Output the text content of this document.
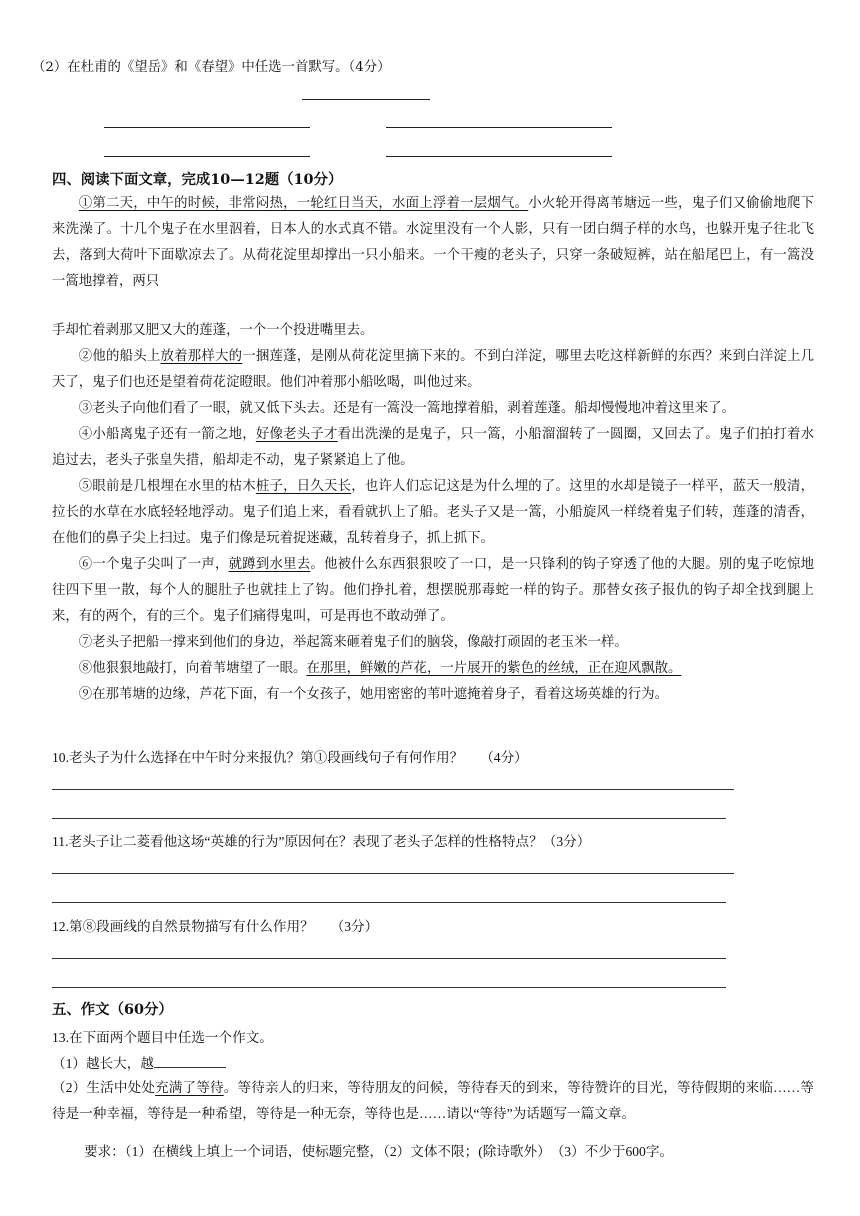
（2）在杜甫的《望岳》和《春望》中任选一首默写。（4分）
四、阅读下面文章，完成10—12题（10分）

①第二天，中午的时候，非常闷热，一轮红日当天，水面上浮着一层烟气。小火轮开得离苇塘远一些，鬼子们又偷偷地爬下来洗澡了。十几个鬼子在水里泅着，日本人的水式真不错。水淀里没有一个人影，只有一团白绸子样的水鸟，也躲开鬼子往北飞去，落到大荷叶下面歇凉去了。从荷花淀里却撑出一只小船来。一个干瘦的老头子，只穿一条破短裤，站在船尾巴上，有一篙没一篙地撑着，两只

手却忙着剥那又肥又大的莲蓬，一个一个投进嘴里去。

②他的船头上放着那样大的一捆莲蓬，是刚从荷花淀里摘下来的。不到白洋淀，哪里去吃这样新鲜的东西？来到白洋淀上几天了，鬼子们也还是望着荷花淀瞪眼。他们冲着那小船吆喝，叫他过来。

③老头子向他们看了一眼，就又低下头去。还是有一篙没一篙地撑着船，剥着莲蓬。船却慢慢地冲着这里来了。

④小船离鬼子还有一箭之地，好像老头子才看出洗澡的是鬼子，只一篙，小船溜溜转了一圆圈，又回去了。鬼子们拍打着水追过去，老头子张皇失措，船却走不动，鬼子紧紧追上了他。

⑤眼前是几根埋在水里的枯木桩子，日久天长，也许人们忘记这是为什么埋的了。这里的水却是镜子一样平，蓝天一般清，拉长的水草在水底轻轻地浮动。鬼子们追上来，看看就扒上了船。老头子又是一篙，小船旋风一样绕着鬼子们转，莲蓬的清香，在他们的鼻子尖上扫过。鬼子们像是玩着捉迷藏，乱转着身子，抓上抓下。

⑥一个鬼子尖叫了一声，就蹲到水里去。他被什么东西狠狠咬了一口，是一只锋利的钩子穿透了他的大腿。别的鬼子吃惊地往四下里一散，每个人的腿肚子也就挂上了钩。他们挣扎着，想摆脱那毒蛇一样的钩子。那替女孩子报仇的钩子却全找到腿上来，有的两个，有的三个。鬼子们痛得鬼叫，可是再也不敢动弹了。

⑦老头子把船一撑来到他们的身边，举起篙来砸着鬼子们的脑袋，像敲打顽固的老玉米一样。

⑧他狠狠地敲打，向着苇塘望了一眼。在那里，鲜嫩的芦花，一片展开的紫色的丝绒，正在迎风飘散。

⑨在那苇塘的边缘，芦花下面，有一个女孩子，她用密密的苇叶遮掩着身子，看着这场英雄的行为。

10.老头子为什么选择在中午时分来报仇？第①段画线句子有何作用？　 （4分）
11.老头子让二菱看他这场“英雄的行为”原因何在？表现了老头子怎样的性格特点？（3分）
12.第⑧段画线的自然景物描写有什么作用？　 （3分）
五、作文（60分）
13.在下面两个题目中任选一个作文。
（1）越长大，越

（2）生活中处处充满了等待。等待亲人的归来，等待朋友的问候，等待春天的到来，等待赞许的目光，等待假期的来临……等待是一种幸福，等待是一种希望，等待是一种无奈，等待也是……请以“等待”为话题写一篇文章。

要求：（1）在横线上填上一个词语，使标题完整，（2）文体不限；(除诗歌外）　（3）不少于600字。
